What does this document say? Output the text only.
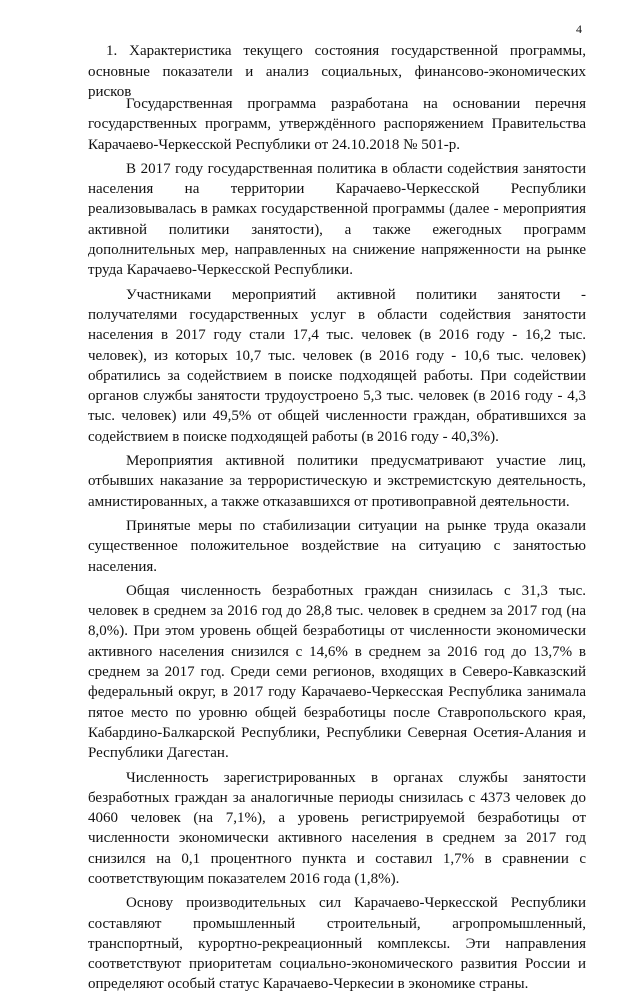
4
1. Характеристика текущего состояния государственной программы, основные показатели и анализ социальных, финансово-экономических рисков

Государственная программа разработана на основании перечня государственных программ, утверждённого распоряжением Правительства Карачаево-Черкесской Республики от 24.10.2018 № 501-р.

В 2017 году государственная политика в области содействия занятости населения на территории Карачаево-Черкесской Республики реализовывалась в рамках государственной программы (далее - мероприятия активной политики занятости), а также ежегодных программ дополнительных мер, направленных на снижение напряженности на рынке труда Карачаево-Черкесской Республики.

Участниками мероприятий активной политики занятости - получателями государственных услуг в области содействия занятости населения в 2017 году стали 17,4 тыс. человек (в 2016 году - 16,2 тыс. человек), из которых 10,7 тыс. человек (в 2016 году - 10,6 тыс. человек) обратились за содействием в поиске подходящей работы. При содействии органов службы занятости трудоустроено 5,3 тыс. человек (в 2016 году - 4,3 тыс. человек) или 49,5% от общей численности граждан, обратившихся за содействием в поиске подходящей работы (в 2016 году - 40,3%).

Мероприятия активной политики предусматривают участие лиц, отбывших наказание за террористическую и экстремистскую деятельность, амнистированных, а также отказавшихся от противоправной деятельности.

Принятые меры по стабилизации ситуации на рынке труда оказали существенное положительное воздействие на ситуацию с занятостью населения.

Общая численность безработных граждан снизилась с 31,3 тыс. человек в среднем за 2016 год до 28,8 тыс. человек в среднем за 2017 год (на 8,0%). При этом уровень общей безработицы от численности экономически активного населения снизился с 14,6% в среднем за 2016 год до 13,7% в среднем за 2017 год. Среди семи регионов, входящих в Северо-Кавказский федеральный округ, в 2017 году Карачаево-Черкесская Республика занимала пятое место по уровню общей безработицы после Ставропольского края, Кабардино-Балкарской Республики, Республики Северная Осетия-Алания и Республики Дагестан.

Численность зарегистрированных в органах службы занятости безработных граждан за аналогичные периоды снизилась с 4373 человек до 4060 человек (на 7,1%), а уровень регистрируемой безработицы от численности экономически активного населения в среднем за 2017 год снизился на 0,1 процентного пункта и составил 1,7% в сравнении с соответствующим показателем 2016 года (1,8%).

Основу производительных сил Карачаево-Черкесской Республики составляют промышленный строительный, агропромышленный, транспортный, курортно-рекреационный комплексы. Эти направления соответствуют приоритетам социально-экономического развития России и определяют особый статус Карачаево-Черкесии в экономике страны.
